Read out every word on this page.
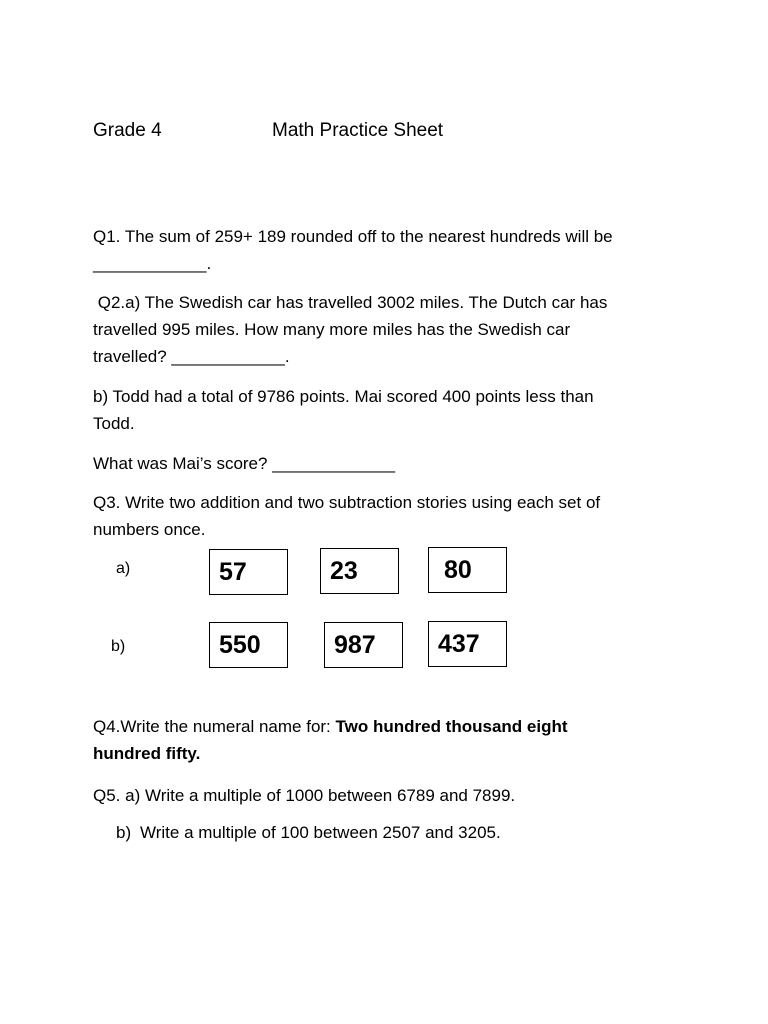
Grade 4	Math Practice Sheet
Q1. The sum of 259+ 189 rounded off to the nearest hundreds will be
____________.
Q2.a) The Swedish car has travelled 3002 miles. The Dutch car has
travelled 995 miles. How many more miles has the Swedish car
travelled? ____________.
b) Todd had a total of 9786 points. Mai scored 400 points less than
Todd.
What was Mai’s score? _____________
Q3. Write two addition and two subtraction stories using each set of
numbers once.
a)	57	23	80
b)	550	987	437
Q4.Write the numeral name for: Two hundred thousand eight
hundred fifty.
Q5. a) Write a multiple of 1000 between 6789 and 7899.
b) Write a multiple of 100 between 2507 and 3205.
